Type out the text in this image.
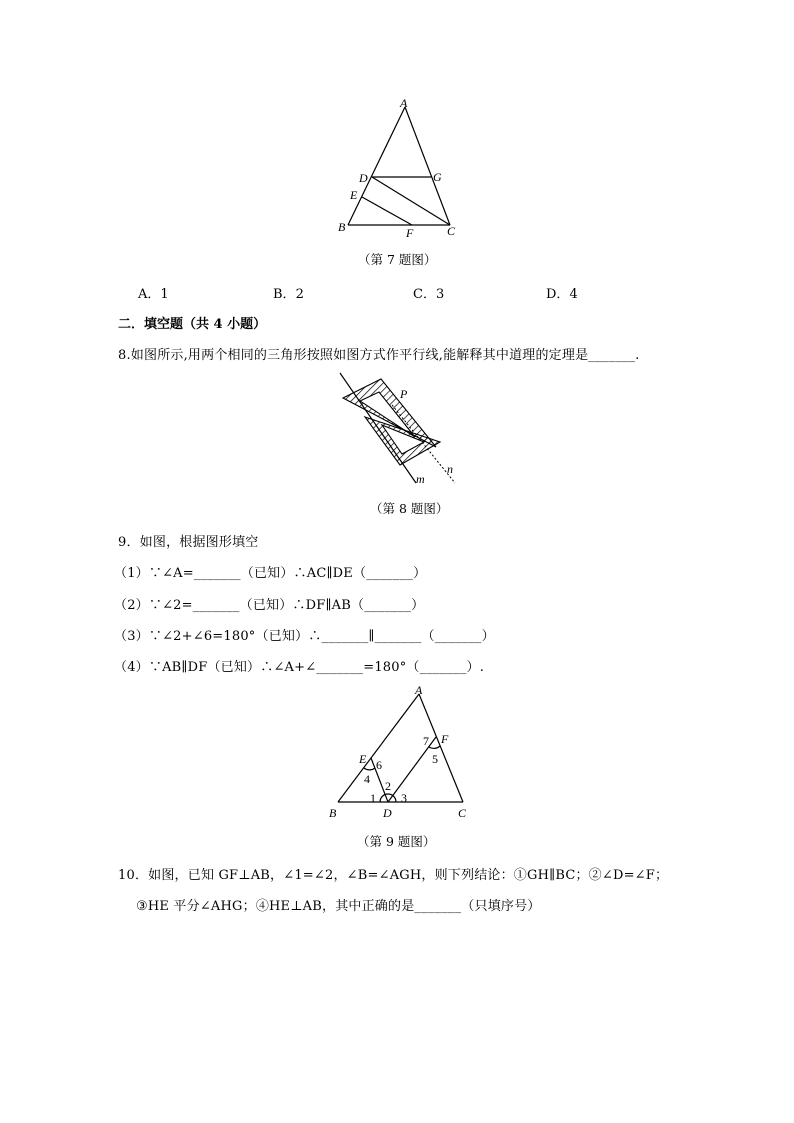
A
D	G
E
B	F	C
（第 7 题图）
A．1	B．2	C．3	D．4
二．填空题（共 4 小题）
8.如图所示,用两个相同的三角形按照如图方式作平行线,能解释其中道理的定理是_______.
P
n
m
（第 8 题图）
9．如图，根据图形填空
（1）∵∠A=_______（已知）∴AC∥DE（_______）
（2）∵∠2=_______（已知）∴DF∥AB（_______）
（3）∵∠2+∠6=180°（已知）∴_______∥_______（_______）
（4）∵AB∥DF（已知）∴∠A+∠_______=180°（_______）.
A
F
7
5
E 6
4 2
1 3
B	D	C
（第 9 题图）
10．如图，已知 GF⊥AB，∠1=∠2，∠B=∠AGH，则下列结论：①GH∥BC；②∠D=∠F；
③HE 平分∠AHG；④HE⊥AB，其中正确的是_______（只填序号）
